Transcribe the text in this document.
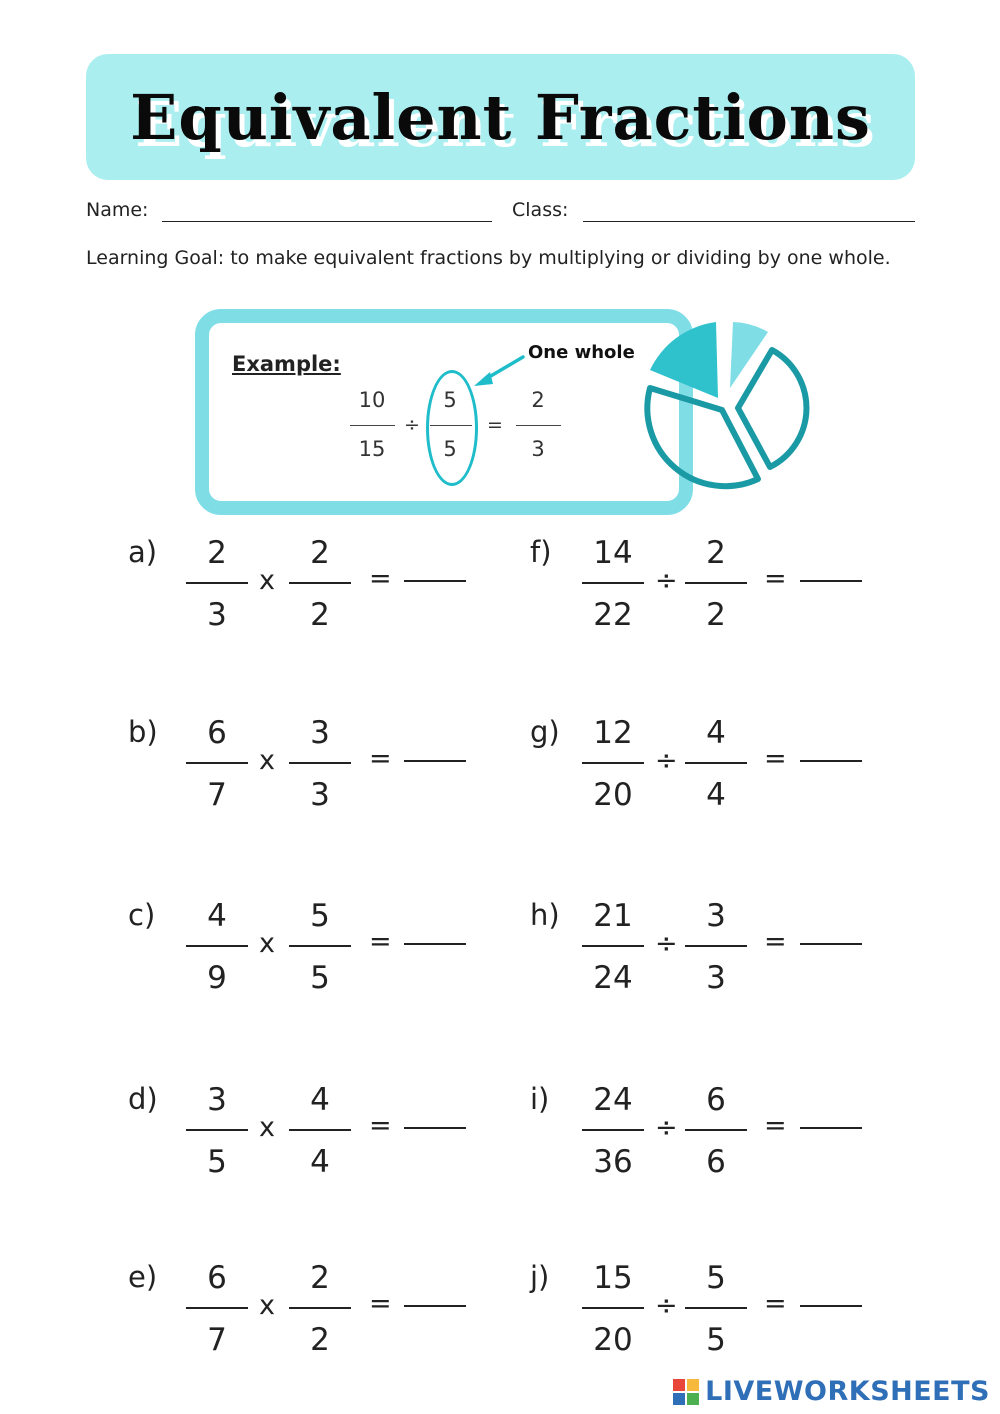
Equivalent Fractions
Name:	Class:
Learning Goal: to make equivalent fractions by multiplying or dividing by one whole.
Example:	One whole
10
15
÷
5
5
=
2
3
a)	2
3
x
2
2
=
b)	6
7
x
3
3
=
c)	4
9
x
5
5
=
d)	3
5
x
4
4
=
e)	6
7
x
2
2
=
f)	14
22
÷
2
2
=
g)	12
20
÷
4
4
=
h)	21
24
÷
3
3
=
i)	24
36
÷
6
6
=
j)	15
20
÷
5
5
=
LIVEWORKSHEETS
